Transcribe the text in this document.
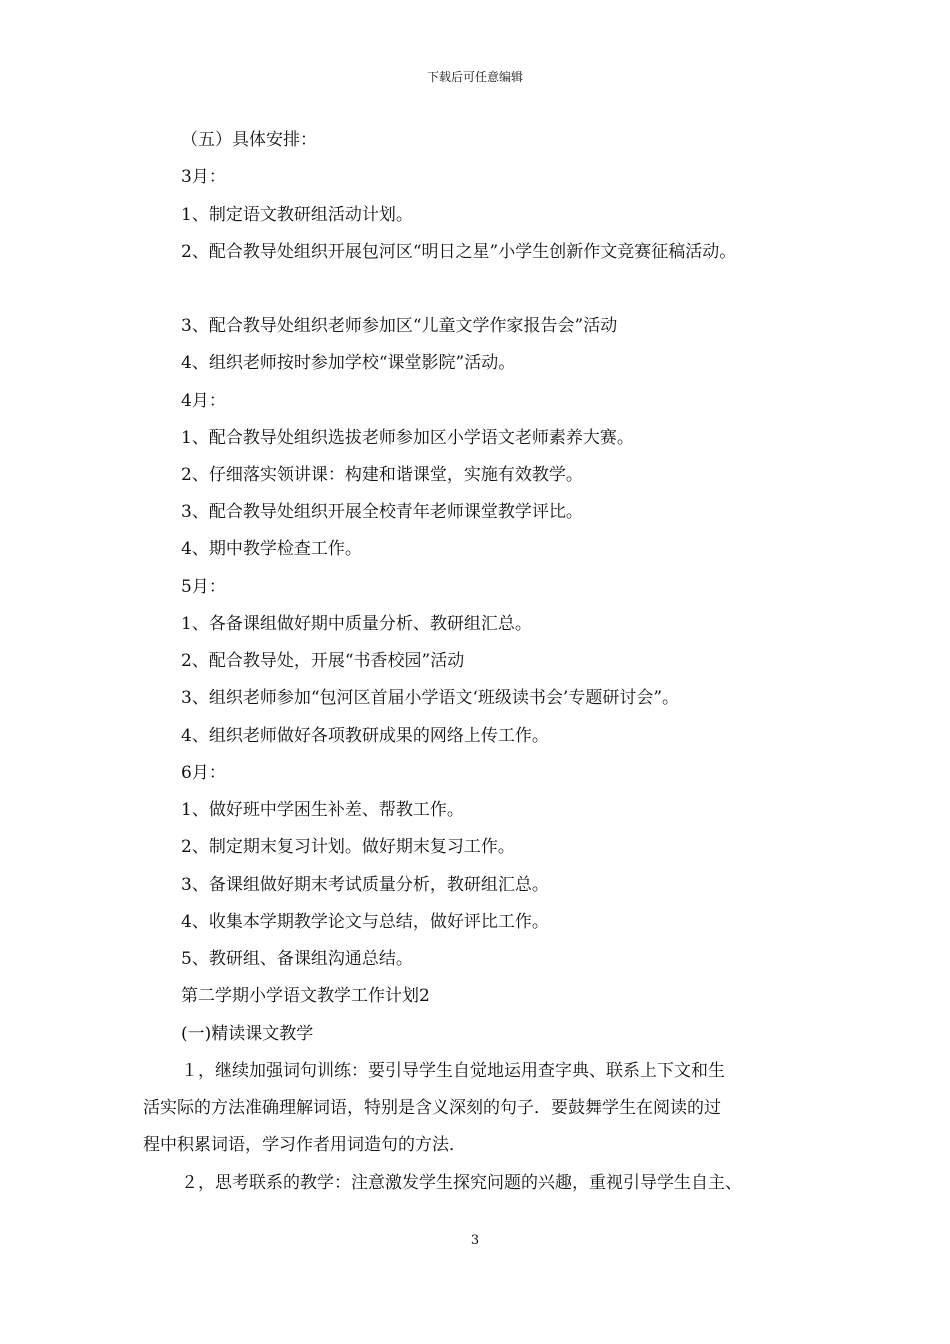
下载后可任意编辑
（五）具体安排：
3月：
1、制定语文教研组活动计划。
2、配合教导处组织开展包河区“明日之星”小学生创新作文竞赛征稿活动。
3、配合教导处组织老师参加区“儿童文学作家报告会”活动
4、组织老师按时参加学校“课堂影院”活动。
4月：
1、配合教导处组织选拔老师参加区小学语文老师素养大赛。
2、仔细落实领讲课：构建和谐课堂，实施有效教学。
3、配合教导处组织开展全校青年老师课堂教学评比。
4、期中教学检查工作。
5月：
1、各备课组做好期中质量分析、教研组汇总。
2、配合教导处，开展“书香校园”活动
3、组织老师参加“包河区首届小学语文‘班级读书会’专题研讨会”。
4、组织老师做好各项教研成果的网络上传工作。
6月：
1、做好班中学困生补差、帮教工作。
2、制定期末复习计划。做好期末复习工作。
3、备课组做好期末考试质量分析，教研组汇总。
4、收集本学期教学论文与总结，做好评比工作。
5、教研组、备课组沟通总结。
第二学期小学语文教学工作计划2
(一)精读课文教学
１，继续加强词句训练：要引导学生自觉地运用查字典、联系上下文和生
活实际的方法准确理解词语，特别是含义深刻的句子．要鼓舞学生在阅读的过
程中积累词语，学习作者用词造句的方法．
２，思考联系的教学：注意激发学生探究问题的兴趣，重视引导学生自主、
3
